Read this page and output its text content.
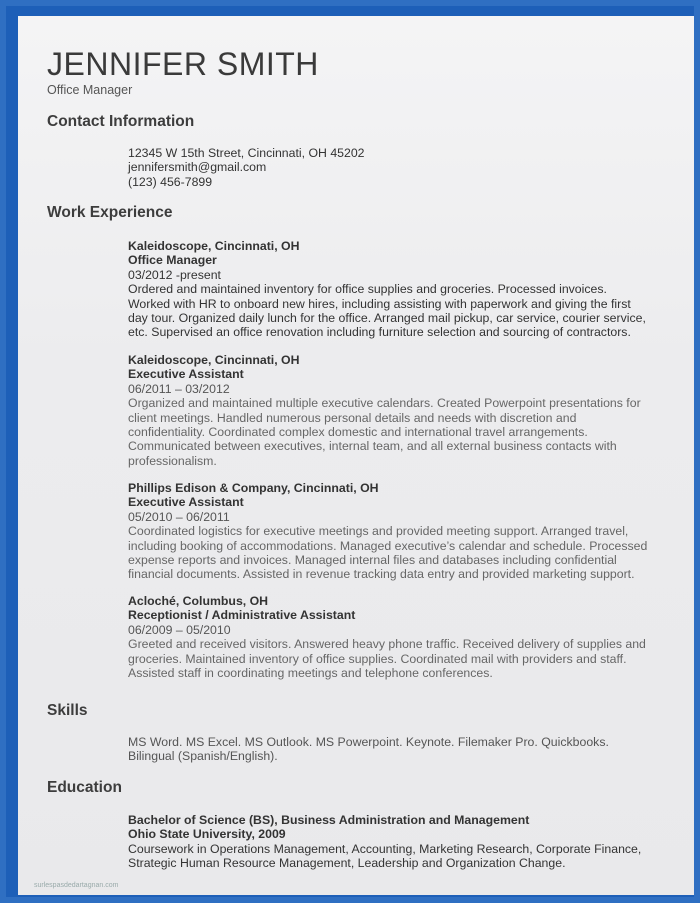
JENNIFER SMITH
Office Manager
Contact Information
12345 W 15th Street, Cincinnati, OH 45202
jennifersmith@gmail.com
(123) 456-7899
Work Experience
Kaleidoscope, Cincinnati, OH
Office Manager
03/2012 -present
Ordered and maintained inventory for office supplies and groceries. Processed invoices.
Worked with HR to onboard new hires, including assisting with paperwork and giving the first
day tour. Organized daily lunch for the office. Arranged mail pickup, car service, courier service,
etc. Supervised an office renovation including furniture selection and sourcing of contractors.
Kaleidoscope, Cincinnati, OH
Executive Assistant
06/2011 – 03/2012
Organized and maintained multiple executive calendars. Created Powerpoint presentations for
client meetings. Handled numerous personal details and needs with discretion and
confidentiality. Coordinated complex domestic and international travel arrangements.
Communicated between executives, internal team, and all external business contacts with
professionalism.
Phillips Edison & Company, Cincinnati, OH
Executive Assistant
05/2010 – 06/2011
Coordinated logistics for executive meetings and provided meeting support. Arranged travel,
including booking of accommodations. Managed executive’s calendar and schedule. Processed
expense reports and invoices. Managed internal files and databases including confidential
financial documents. Assisted in revenue tracking data entry and provided marketing support.
Acloché, Columbus, OH
Receptionist / Administrative Assistant
06/2009 – 05/2010
Greeted and received visitors. Answered heavy phone traffic. Received delivery of supplies and
groceries. Maintained inventory of office supplies. Coordinated mail with providers and staff.
Assisted staff in coordinating meetings and telephone conferences.
Skills
MS Word. MS Excel. MS Outlook. MS Powerpoint. Keynote. Filemaker Pro. Quickbooks.
Bilingual (Spanish/English).
Education
Bachelor of Science (BS), Business Administration and Management
Ohio State University, 2009
Coursework in Operations Management, Accounting, Marketing Research, Corporate Finance,
Strategic Human Resource Management, Leadership and Organization Change.
surlespasdedartagnan.com
